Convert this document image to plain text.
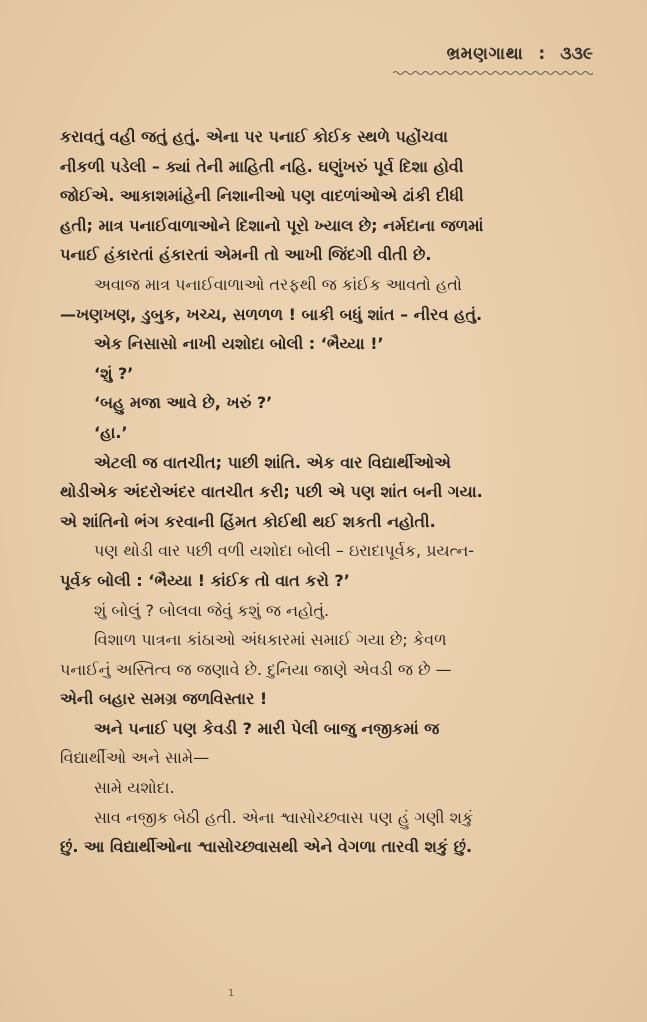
ભ્રમણગાથા : ૩૩૯
કરાવતું વહી જતું હતું. એના પર પનાઈ કોઈક સ્થળે પહોંચવા
નીકળી પડેલી – ક્યાં તેની માહિતી નહિ. ઘણુંખરું પૂર્વ દિશા હોવી
જોઈએ. આકાશમાંહેની નિશાનીઓ પણ વાદળાંઓએ ઢાંકી દીધી
હતી; માત્ર પનાઈવાળાઓને દિશાનો પૂરો ખ્યાલ છે; નર્મદાના જળમાં
પનાઈ હંકારતાં હંકારતાં એમની તો આખી જિંદગી વીતી છે.
અવાજ માત્ર પનાઈવાળાઓ તરફથી જ કાંઈક આવતો હતો
—ખણખણ, ડુબુક, ખચ્ચ, સળળળ ! બાકી બધું શાંત – નીરવ હતું.
એક નિસાસો નાખી યશોદા બોલી : ‘ભૈય્યા !’
‘શું ?’
‘બહુ મજા આવે છે, ખરું ?’
‘હા.’
એટલી જ વાતચીત; પાછી શાંતિ. એક વાર વિદ્યાર્થીઓએ
થોડીએક અંદરોઅંદર વાતચીત કરી; પછી એ પણ શાંત બની ગયા.
એ શાંતિનો ભંગ કરવાની હિંમત કોઈથી થઈ શકતી નહોતી.
પણ થોડી વાર પછી વળી યશોદા બોલી – ઇરાદાપૂર્વક, પ્રયત્ન-
પૂર્વક બોલી : ‘ભૈય્યા ! કાંઈક તો વાત કરો ?’
શું બોલું ? બોલવા જેવું કશું જ નહોતું.
વિશાળ પાત્રના કાંઠાઓ અંધકારમાં સમાઈ ગયા છે; કેવળ
પનાઈનું અસ્તિત્વ જ જણાવે છે. દુનિયા જાણે એવડી જ છે —
એની બહાર સમગ્ર જળવિસ્તાર !
અને પનાઈ પણ કેવડી ? મારી પેલી બાજુ નજીકમાં જ
વિદ્યાર્થીઓ અને સામે—
સામે યશોદા.
સાવ નજીક બેઠી હતી. એના શ્વાસોચ્છ્વાસ પણ હું ગણી શકું
છું. આ વિદ્યાર્થીઓના શ્વાસોચ્છ્વાસથી એને વેગળા તારવી શકું છું.
1
